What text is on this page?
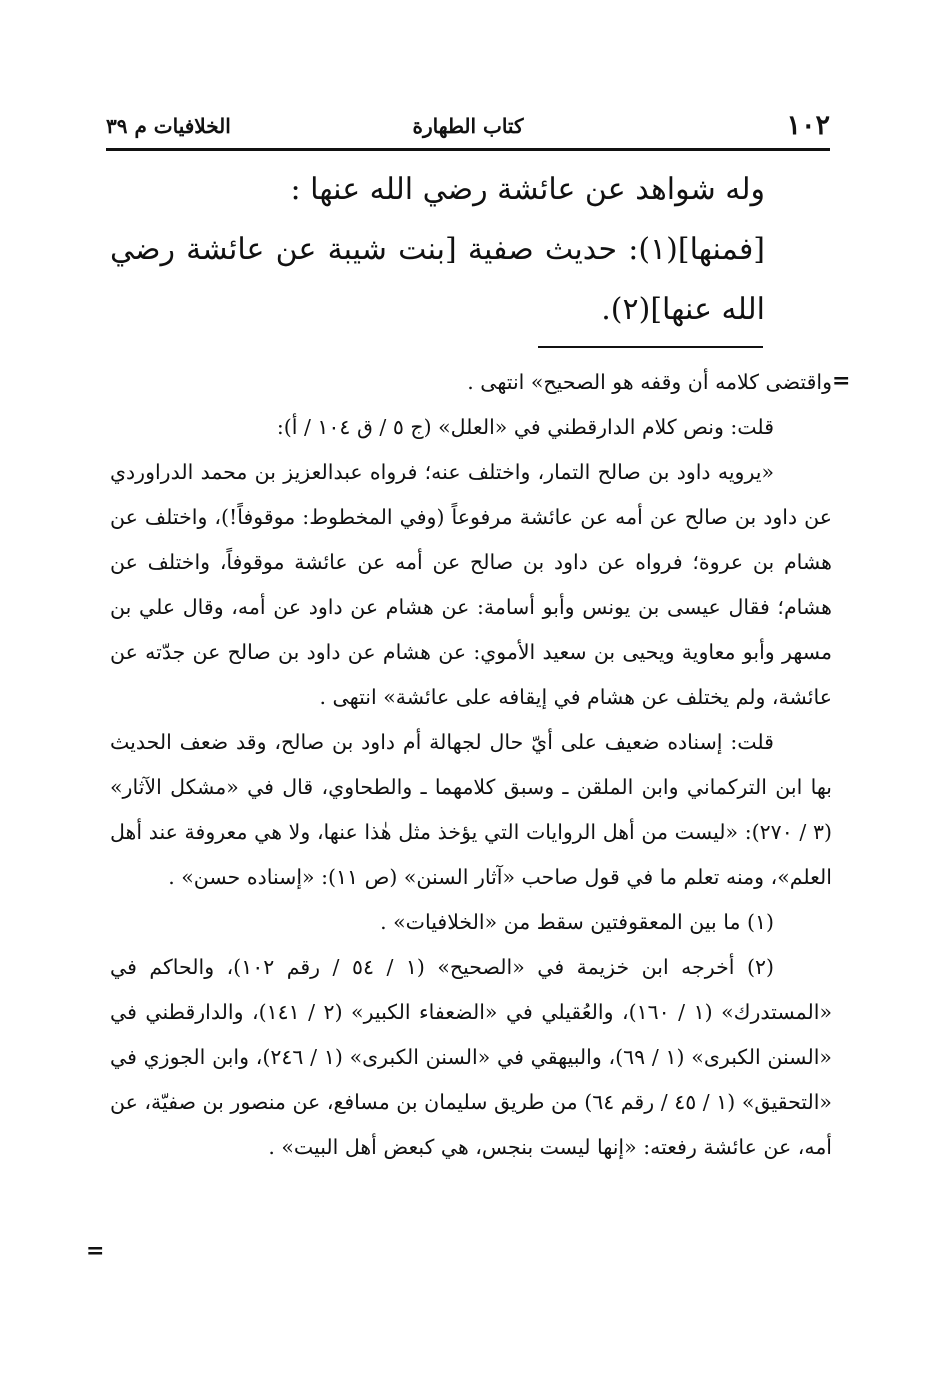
١٠٢
كتاب الطهارة
الخلافيات م ٣٩

وله شواهد عن عائشة رضي الله عنها :

[فمنها](١): حديث صفية [بنت شيبة عن عائشة رضي الله عنها](٢).

=

واقتضى كلامه أن وقفه هو الصحيح» انتهى .

قلت: ونص كلام الدارقطني في «العلل» (ج ٥ / ق ١٠٤ / أ):

«يرويه داود بن صالح التمار، واختلف عنه؛ فرواه عبدالعزيز بن محمد الدراوردي عن داود بن صالح عن أمه عن عائشة مرفوعاً (وفي المخطوط: موقوفاً!)، واختلف عن هشام بن عروة؛ فرواه عن داود بن صالح عن أمه عن عائشة موقوفاً، واختلف عن هشام؛ فقال عيسى بن يونس وأبو أسامة: عن هشام عن داود عن أمه، وقال علي بن مسهر وأبو معاوية ويحيى بن سعيد الأموي: عن هشام عن داود بن صالح عن جدّته عن عائشة، ولم يختلف عن هشام في إيقافه على عائشة» انتهى .

قلت: إسناده ضعيف على أيّ حال لجهالة أم داود بن صالح، وقد ضعف الحديث بها ابن التركماني وابن الملقن ـ وسبق كلامهما ـ والطحاوي، قال في «مشكل الآثار» (٣ / ٢٧٠): «ليست من أهل الروايات التي يؤخذ مثل هٰذا عنها، ولا هي معروفة عند أهل العلم»، ومنه تعلم ما في قول صاحب «آثار السنن» (ص ١١): «إسناده حسن» .

(١) ما بين المعقوفتين سقط من «الخلافيات» .

(٢) أخرجه ابن خزيمة في «الصحيح» (١ / ٥٤ / رقم ١٠٢)، والحاكم في «المستدرك» (١ / ١٦٠)، والعُقيلي في «الضعفاء الكبير» (٢ / ١٤١)، والدارقطني في «السنن الكبرى» (١ / ٦٩)، والبيهقي في «السنن الكبرى» (١ / ٢٤٦)، وابن الجوزي في «التحقيق» (١ / ٤٥ / رقم ٦٤) من طريق سليمان بن مسافع، عن منصور بن صفيّة، عن أمه، عن عائشة رفعته: «إنها ليست بنجس، هي كبعض أهل البيت» .

=
